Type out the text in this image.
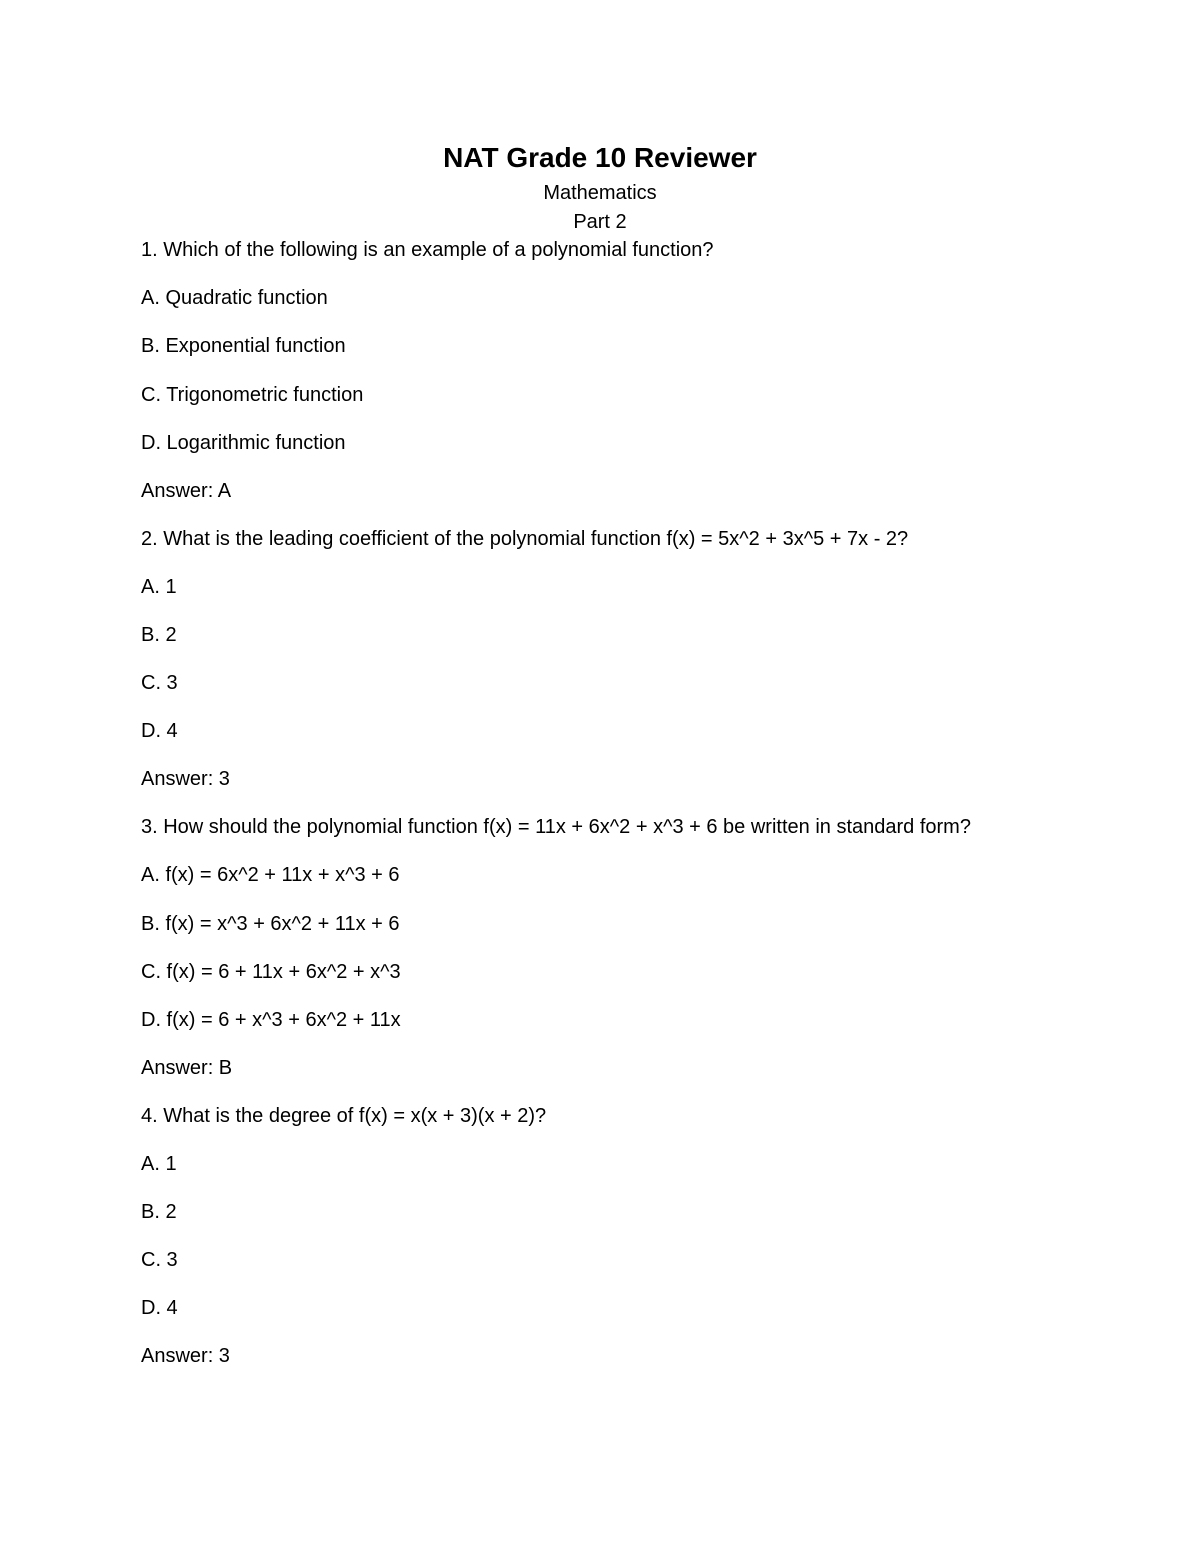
NAT Grade 10 Reviewer
Mathematics
Part 2
1. Which of the following is an example of a polynomial function?
A. Quadratic function
B. Exponential function
C. Trigonometric function
D. Logarithmic function
Answer: A
2. What is the leading coefficient of the polynomial function f(x) = 5x^2 + 3x^5 + 7x - 2?
A. 1
B. 2
C. 3
D. 4
Answer: 3
3. How should the polynomial function f(x) = 11x + 6x^2 + x^3 + 6 be written in standard form?
A. f(x) = 6x^2 + 11x + x^3 + 6
B. f(x) = x^3 + 6x^2 + 11x + 6
C. f(x) = 6 + 11x + 6x^2 + x^3
D. f(x) = 6 + x^3 + 6x^2 + 11x
Answer: B
4. What is the degree of f(x) = x(x + 3)(x + 2)?
A. 1
B. 2
C. 3
D. 4
Answer: 3
